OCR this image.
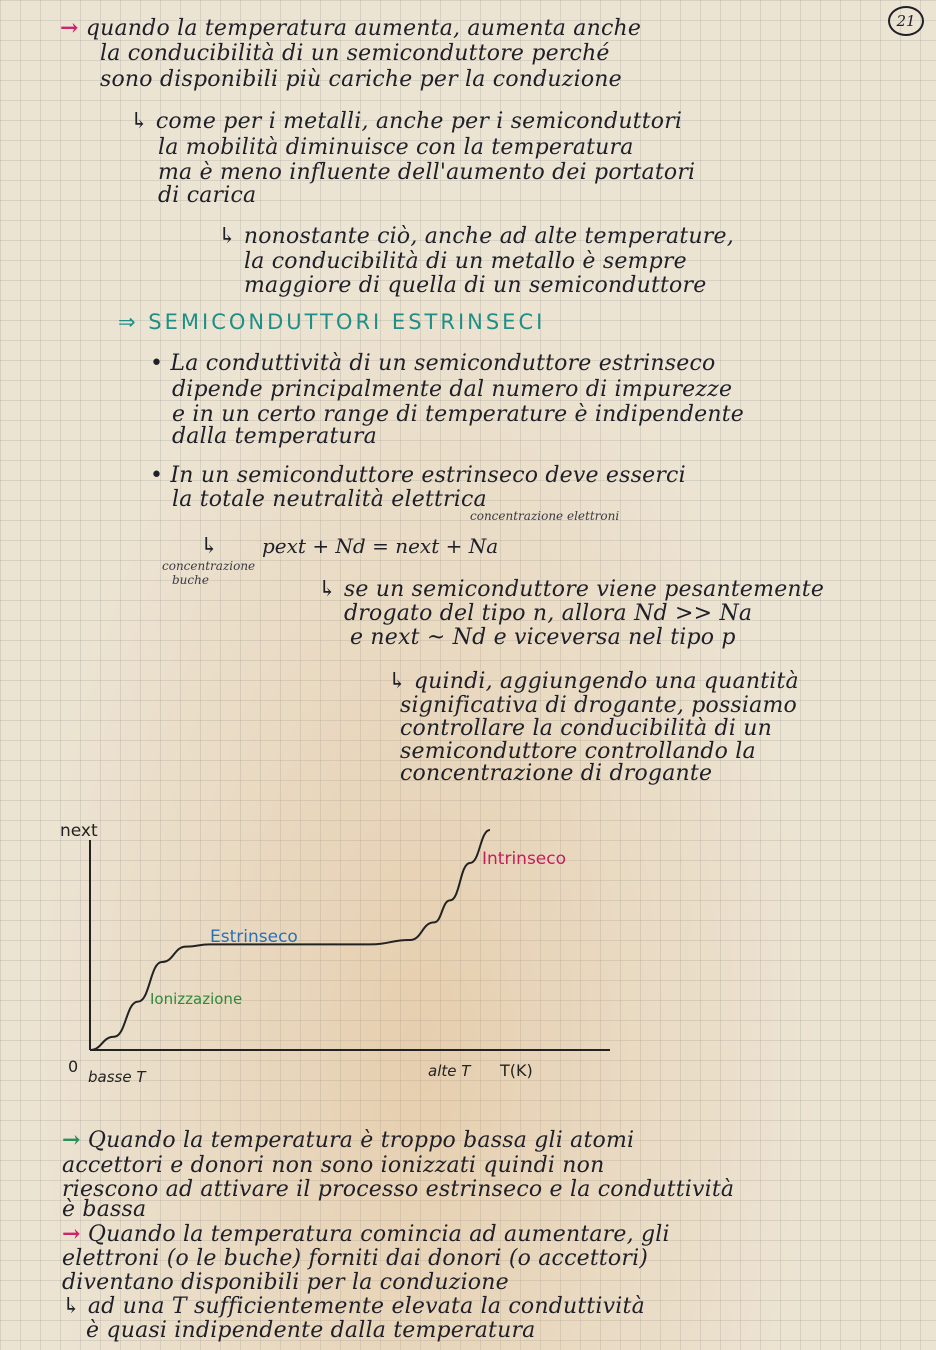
21
→ quando la temperatura aumenta, aumenta anche
la conducibilità di un semiconduttore perché
sono disponibili più cariche per la conduzione
↳ come per i metalli, anche per i semiconduttori
la mobilità diminuisce con la temperatura
ma è meno influente dell'aumento dei portatori
di carica
↳ nonostante ciò, anche ad alte temperature,
la conducibilità di un metallo è sempre
maggiore di quella di un semiconduttore
⇒ SEMICONDUTTORI ESTRINSECI
• La conduttività di un semiconduttore estrinseco
dipende principalmente dal numero di impurezze
e in un certo range di temperature è indipendente
dalla temperatura
• In un semiconduttore estrinseco deve esserci
la totale neutralità elettrica
concentrazione elettroni
↳ pext + Nd = next + Na
concentrazione
buche	↳ se un semiconduttore viene pesantemente
drogato del tipo n, allora Nd >> Na
e next ~ Nd e viceversa nel tipo p
↳ quindi, aggiungendo una quantità
significativa di drogante, possiamo
controllare la conducibilità di un
semiconduttore controllando la
concentrazione di drogante
next
0
basse T	alte T T(K)
Intrinseco
Estrinseco
Ionizzazione
→ Quando la temperatura è troppo bassa gli atomi
accettori e donori non sono ionizzati quindi non
riescono ad attivare il processo estrinseco e la conduttività
è bassa
→ Quando la temperatura comincia ad aumentare, gli
elettroni (o le buche) forniti dai donori (o accettori)
diventano disponibili per la conduzione
↳ ad una T sufficientemente elevata la conduttività
è quasi indipendente dalla temperatura
